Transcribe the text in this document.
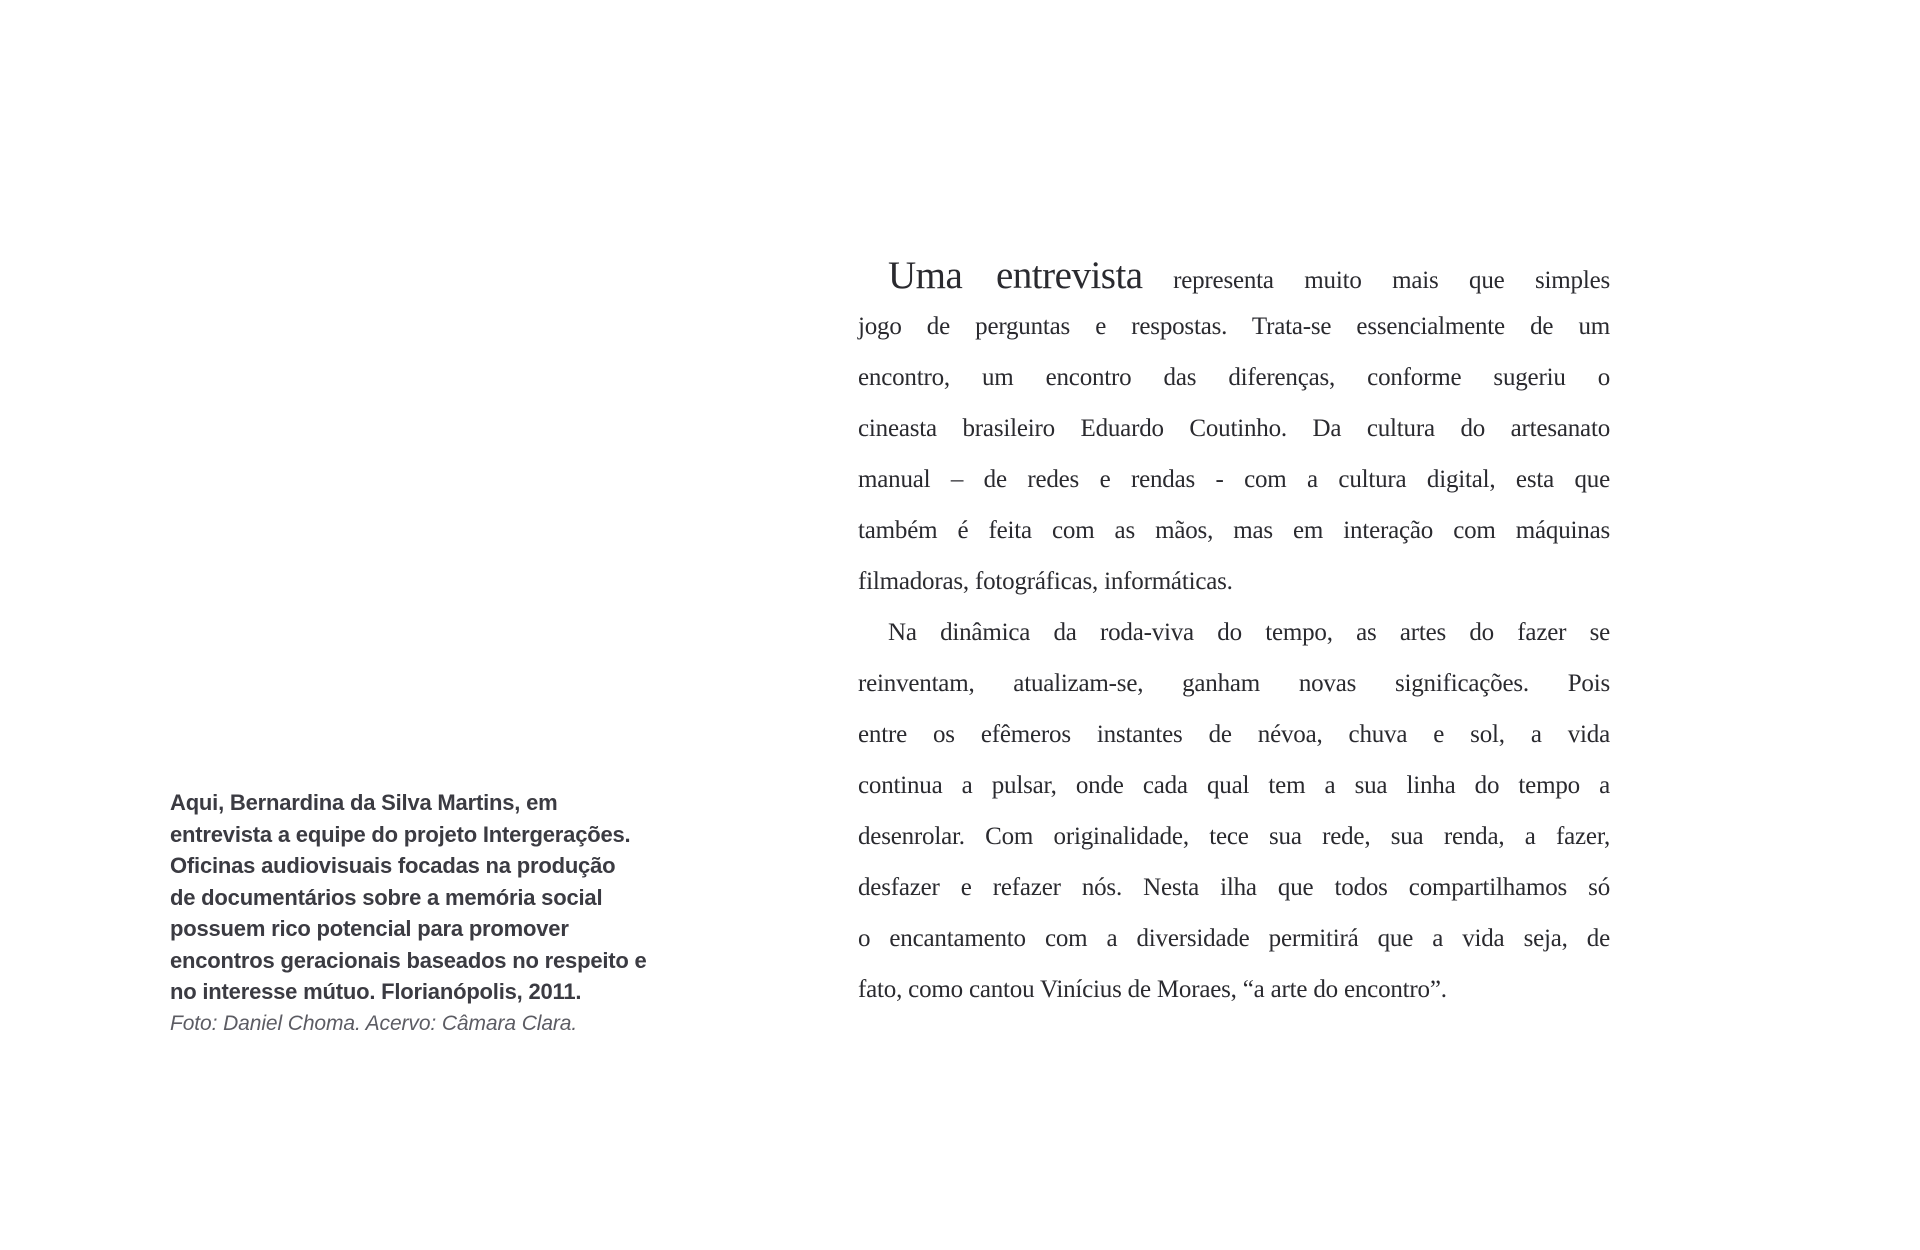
Aqui, Bernardina da Silva Martins, em
entrevista a equipe do projeto Intergerações.
Oficinas audiovisuais focadas na produção
de documentários sobre a memória social
possuem rico potencial para promover
encontros geracionais baseados no respeito e
no interesse mútuo. Florianópolis, 2011.
Foto: Daniel Choma. Acervo: Câmara Clara.
Uma entrevista representa muito mais que simples
jogo de perguntas e respostas. Trata-se essencialmente de um
encontro, um encontro das diferenças, conforme sugeriu o
cineasta brasileiro Eduardo Coutinho. Da cultura do artesanato
manual – de redes e rendas - com a cultura digital, esta que
também é feita com as mãos, mas em interação com máquinas
filmadoras, fotográficas, informáticas.
Na dinâmica da roda-viva do tempo, as artes do fazer se
reinventam, atualizam-se, ganham novas significações. Pois
entre os efêmeros instantes de névoa, chuva e sol, a vida
continua a pulsar, onde cada qual tem a sua linha do tempo a
desenrolar. Com originalidade, tece sua rede, sua renda, a fazer,
desfazer e refazer nós. Nesta ilha que todos compartilhamos só
o encantamento com a diversidade permitirá que a vida seja, de
fato, como cantou Vinícius de Moraes, “a arte do encontro”.
